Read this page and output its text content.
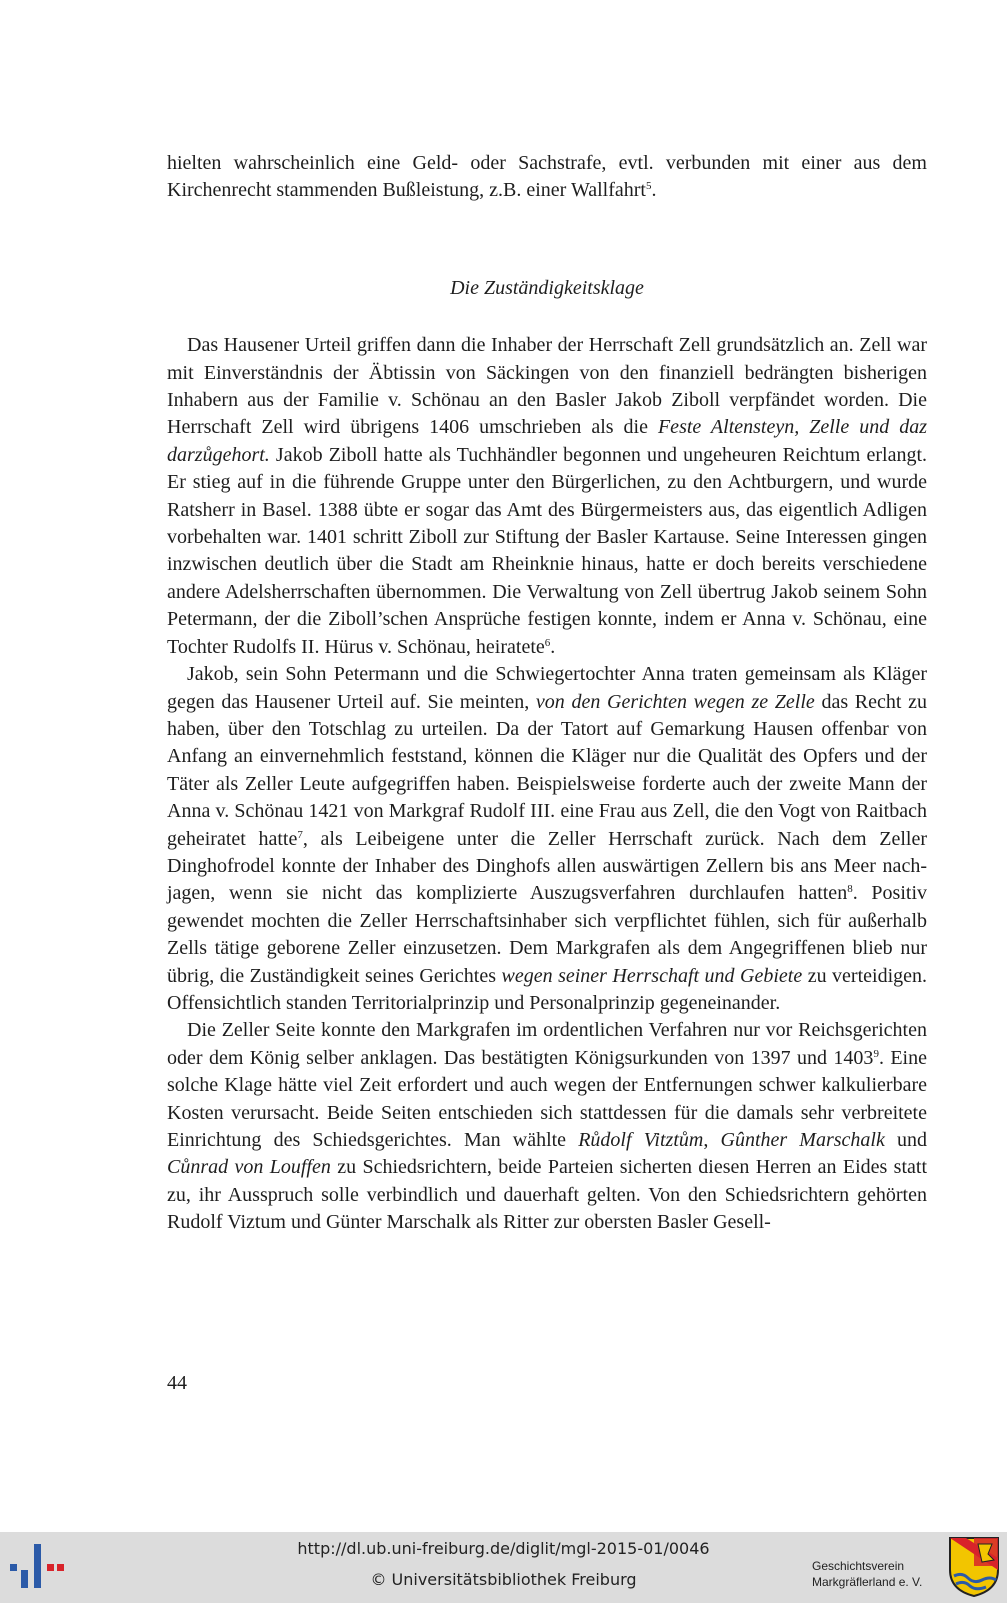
hielten wahrscheinlich eine Geld- oder Sachstrafe, evtl. verbunden mit einer aus dem Kirchenrecht stammenden Bußleistung, z.B. einer Wallfahrt$^5$.

Die Zuständigkeitsklage

Das Hausener Urteil griffen dann die Inhaber der Herrschaft Zell grundsätzlich an. Zell war mit Einverständnis der Äbtissin von Säckingen von den finanziell bedrängten bisherigen Inhabern aus der Familie v. Schönau an den Basler Jakob Ziboll verpfändet worden. Die Herrschaft Zell wird übrigens 1406 umschrieben als die Feste Altensteyn, Zelle und daz darzůgehort. Jakob Ziboll hatte als Tuchhändler begonnen und ungeheuren Reichtum erlangt. Er stieg auf in die führende Gruppe unter den Bürgerlichen, zu den Achtburgern, und wurde Ratsherr in Basel. 1388 übte er sogar das Amt des Bürgermeisters aus, das eigentlich Adligen vorbehalten war. 1401 schritt Ziboll zur Stiftung der Basler Kartause. Seine Interessen gingen inzwischen deutlich über die Stadt am Rheinknie hinaus, hatte er doch bereits verschiedene andere Adelsherrschaften übernommen. Die Verwaltung von Zell übertrug Jakob seinem Sohn Petermann, der die Ziboll’schen Ansprüche festigen konnte, indem er Anna v. Schönau, eine Tochter Rudolfs II. Hürus v. Schönau, heiratete$^6$.

Jakob, sein Sohn Petermann und die Schwiegertochter Anna traten gemeinsam als Kläger gegen das Hausener Urteil auf. Sie meinten, von den Gerichten wegen ze Zelle das Recht zu haben, über den Totschlag zu urteilen. Da der Tatort auf Gemarkung Hausen offenbar von Anfang an einvernehmlich feststand, können die Kläger nur die Qualität des Opfers und der Täter als Zeller Leute aufgegriffen haben. Beispielsweise forderte auch der zweite Mann der Anna v. Schönau 1421 von Markgraf Rudolf III. eine Frau aus Zell, die den Vogt von Raitbach geheiratet hatte$^7$, als Leibeigene unter die Zeller Herrschaft zurück. Nach dem Zeller Dinghofrodel konnte der Inhaber des Dinghofs allen auswärtigen Zellern bis ans Meer nachjagen, wenn sie nicht das komplizierte Auszugsverfahren durchlaufen hatten$^8$. Positiv gewendet mochten die Zeller Herrschaftsinhaber sich verpflichtet fühlen, sich für außerhalb Zells tätige geborene Zeller einzusetzen. Dem Markgrafen als dem Angegriffenen blieb nur übrig, die Zuständigkeit seines Gerichtes wegen seiner Herrschaft und Gebiete zu verteidigen. Offensichtlich standen Territorialprinzip und Personalprinzip gegeneinander.

Die Zeller Seite konnte den Markgrafen im ordentlichen Verfahren nur vor Reichsgerichten oder dem König selber anklagen. Das bestätigten Königsurkunden von 1397 und 1403$^9$. Eine solche Klage hätte viel Zeit erfordert und auch wegen der Entfernungen schwer kalkulierbare Kosten verursacht. Beide Seiten entschieden sich stattdessen für die damals sehr verbreitete Einrichtung des Schiedsgerichtes. Man wählte Růdolf Vitztům, Gûnther Marschalk und Cůnrad von Louffen zu Schiedsrichtern, beide Parteien sicherten diesen Herren an Eides statt zu, ihr Ausspruch solle verbindlich und dauerhaft gelten. Von den Schiedsrichtern gehörten Rudolf Viztum und Günter Marschalk als Ritter zur obersten Basler Gesell-

44
http://dl.ub.uni-freiburg.de/diglit/mgl-2015-01/0046
© Universitätsbibliothek Freiburg
Geschichtsverein
Markgräflerland e. V.
